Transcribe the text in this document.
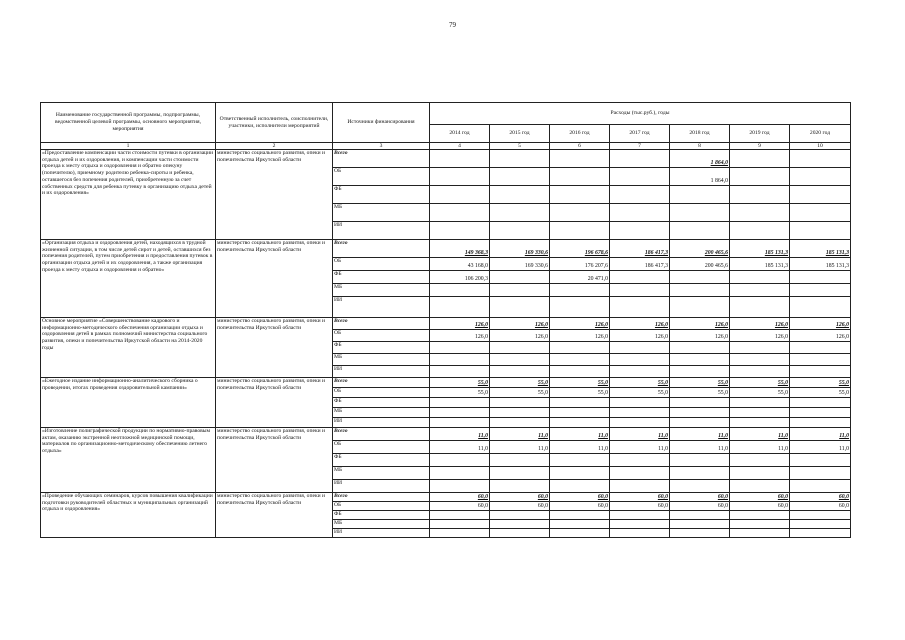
79
Наименование государственной программы, подпрограммы, ведомственной целевой программы, основного мероприятия, мероприятия	Ответственный исполнитель, соисполнители, участники, исполнители мероприятий	Источники финансирования	Расходы (тыс.руб.), годы						
			2014 год	2015 год	2016 год	2017 год	2018 год	2019 год	2020 год
1	2	3	4	5	6	7	8	9	10
«Предоставление компенсации части стоимости путевки в организации отдыха детей и их оздоровления, и компенсации части стоимости проезда к месту отдыха и оздоровления и обратно опекуну (попечителю), приемному родителю ребенка-сироты и ребенка, оставшегося без попечения родителей, приобретенную за счет собственных средств для ребенка путевку в организацию отдыха детей и их оздоровления»	министерство социального развития, опеки и попечительства Иркутской области	Всего					1 864,0		
		ОБ					1 864,0		
		ФБ							
		МБ							
		ИИ							
«Организация отдыха и оздоровления детей, находящихся в трудной жизненной ситуации, в том числе детей сирот и детей, оставшихся без попечения родителей, путем приобретения и предоставления путевок в организации отдыха детей и их оздоровления, а также организация проезда к месту отдыха и оздоровления и обратно»	министерство социального развития, опеки и попечительства Иркутской области	Всего	149 368,3	169 330,6	196 678,6	186 417,3	200 465,6	185 131,3	185 131,3
		ОБ	43 168,0	169 330,6	176 207,6	186 417,3	200 465,6	185 131,3	185 131,3
		ФБ	106 200,3		20 471,0				
		МБ							
		ИИ							
Основное мероприятие «Совершенствование кадрового и информационно-методического обеспечения организации отдыха и оздоровления детей в рамках полномочий министерства социального развития, опеки и попечительства Иркутской области на 2014-2020 годы	министерство социального развития, опеки и попечительства Иркутской области	Всего	126,0	126,0	126,0	126,0	126,0	126,0	126,0
		ОБ	126,0	126,0	126,0	126,0	126,0	126,0	126,0
		ФБ							
		МБ							
		ИИ							
«Ежегодное издание информационно-аналитического сборника о проведении, итогах проведения оздоровительной кампании»	министерство социального развития, опеки и попечительства Иркутской области	Всего	55,0	55,0	55,0	55,0	55,0	55,0	55,0
		ОБ	55,0	55,0	55,0	55,0	55,0	55,0	55,0
		ФБ							
		МБ							
		ИИ							
«Изготовление полиграфической продукции по нормативно-правовым актам, оказанию экстренной неотложной медицинской помощи, материалов по организационно-методическому обеспечению летнего отдыха»	министерство социального развития, опеки и попечительства Иркутской области	Всего	11,0	11,0	11,0	11,0	11,0	11,0	11,0
		ОБ	11,0	11,0	11,0	11,0	11,0	11,0	11,0
		ФБ							
		МБ							
		ИИ							
«Проведение обучающих семинаров, курсов повышения квалификации подготовки руководителей областных и муниципальных организаций отдыха и оздоровления»	министерство социального развития, опеки и попечительства Иркутской области	Всего	60,0	60,0	60,0	60,0	60,0	60,0	60,0
		ОБ	60,0	60,0	60,0	60,0	60,0	60,0	60,0
		ФБ							
		МБ							
		ИИ							
